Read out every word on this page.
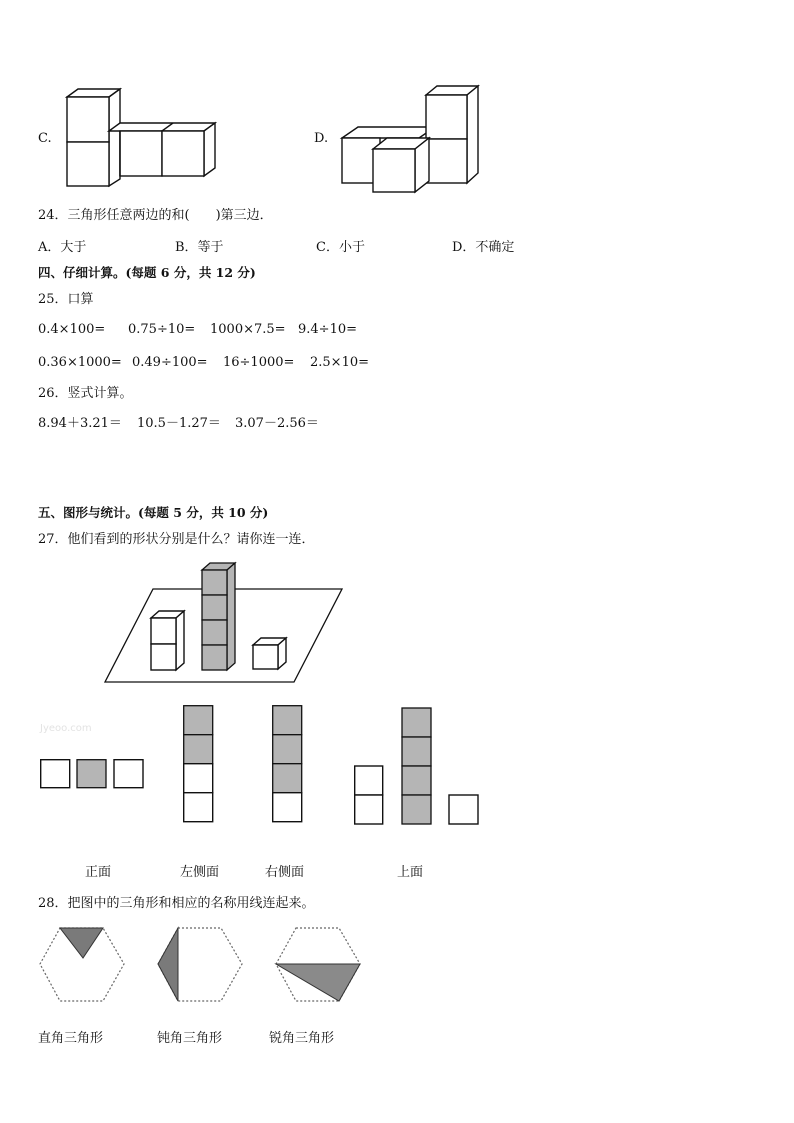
C.	D.
24．三角形任意两边的和(　　)第三边．
A．大于	B．等于	C．小于	D．不确定
四、仔细计算。(每题 6 分，共 12 分)
25．口算
0.4×100= 0.75÷10= 1000×7.5= 9.4÷10=
0.36×1000= 0.49÷100= 16÷1000= 2.5×10=
26．竖式计算。
8.94＋3.21＝ 10.5－1.27＝ 3.07－2.56＝
五、图形与统计。(每题 5 分，共 10 分)
27．他们看到的形状分别是什么？请你连一连．
Jyeoo.com
正面	左侧面	右侧面	上面
28．把图中的三角形和相应的名称用线连起来。
直角三角形	钝角三角形	锐角三角形
